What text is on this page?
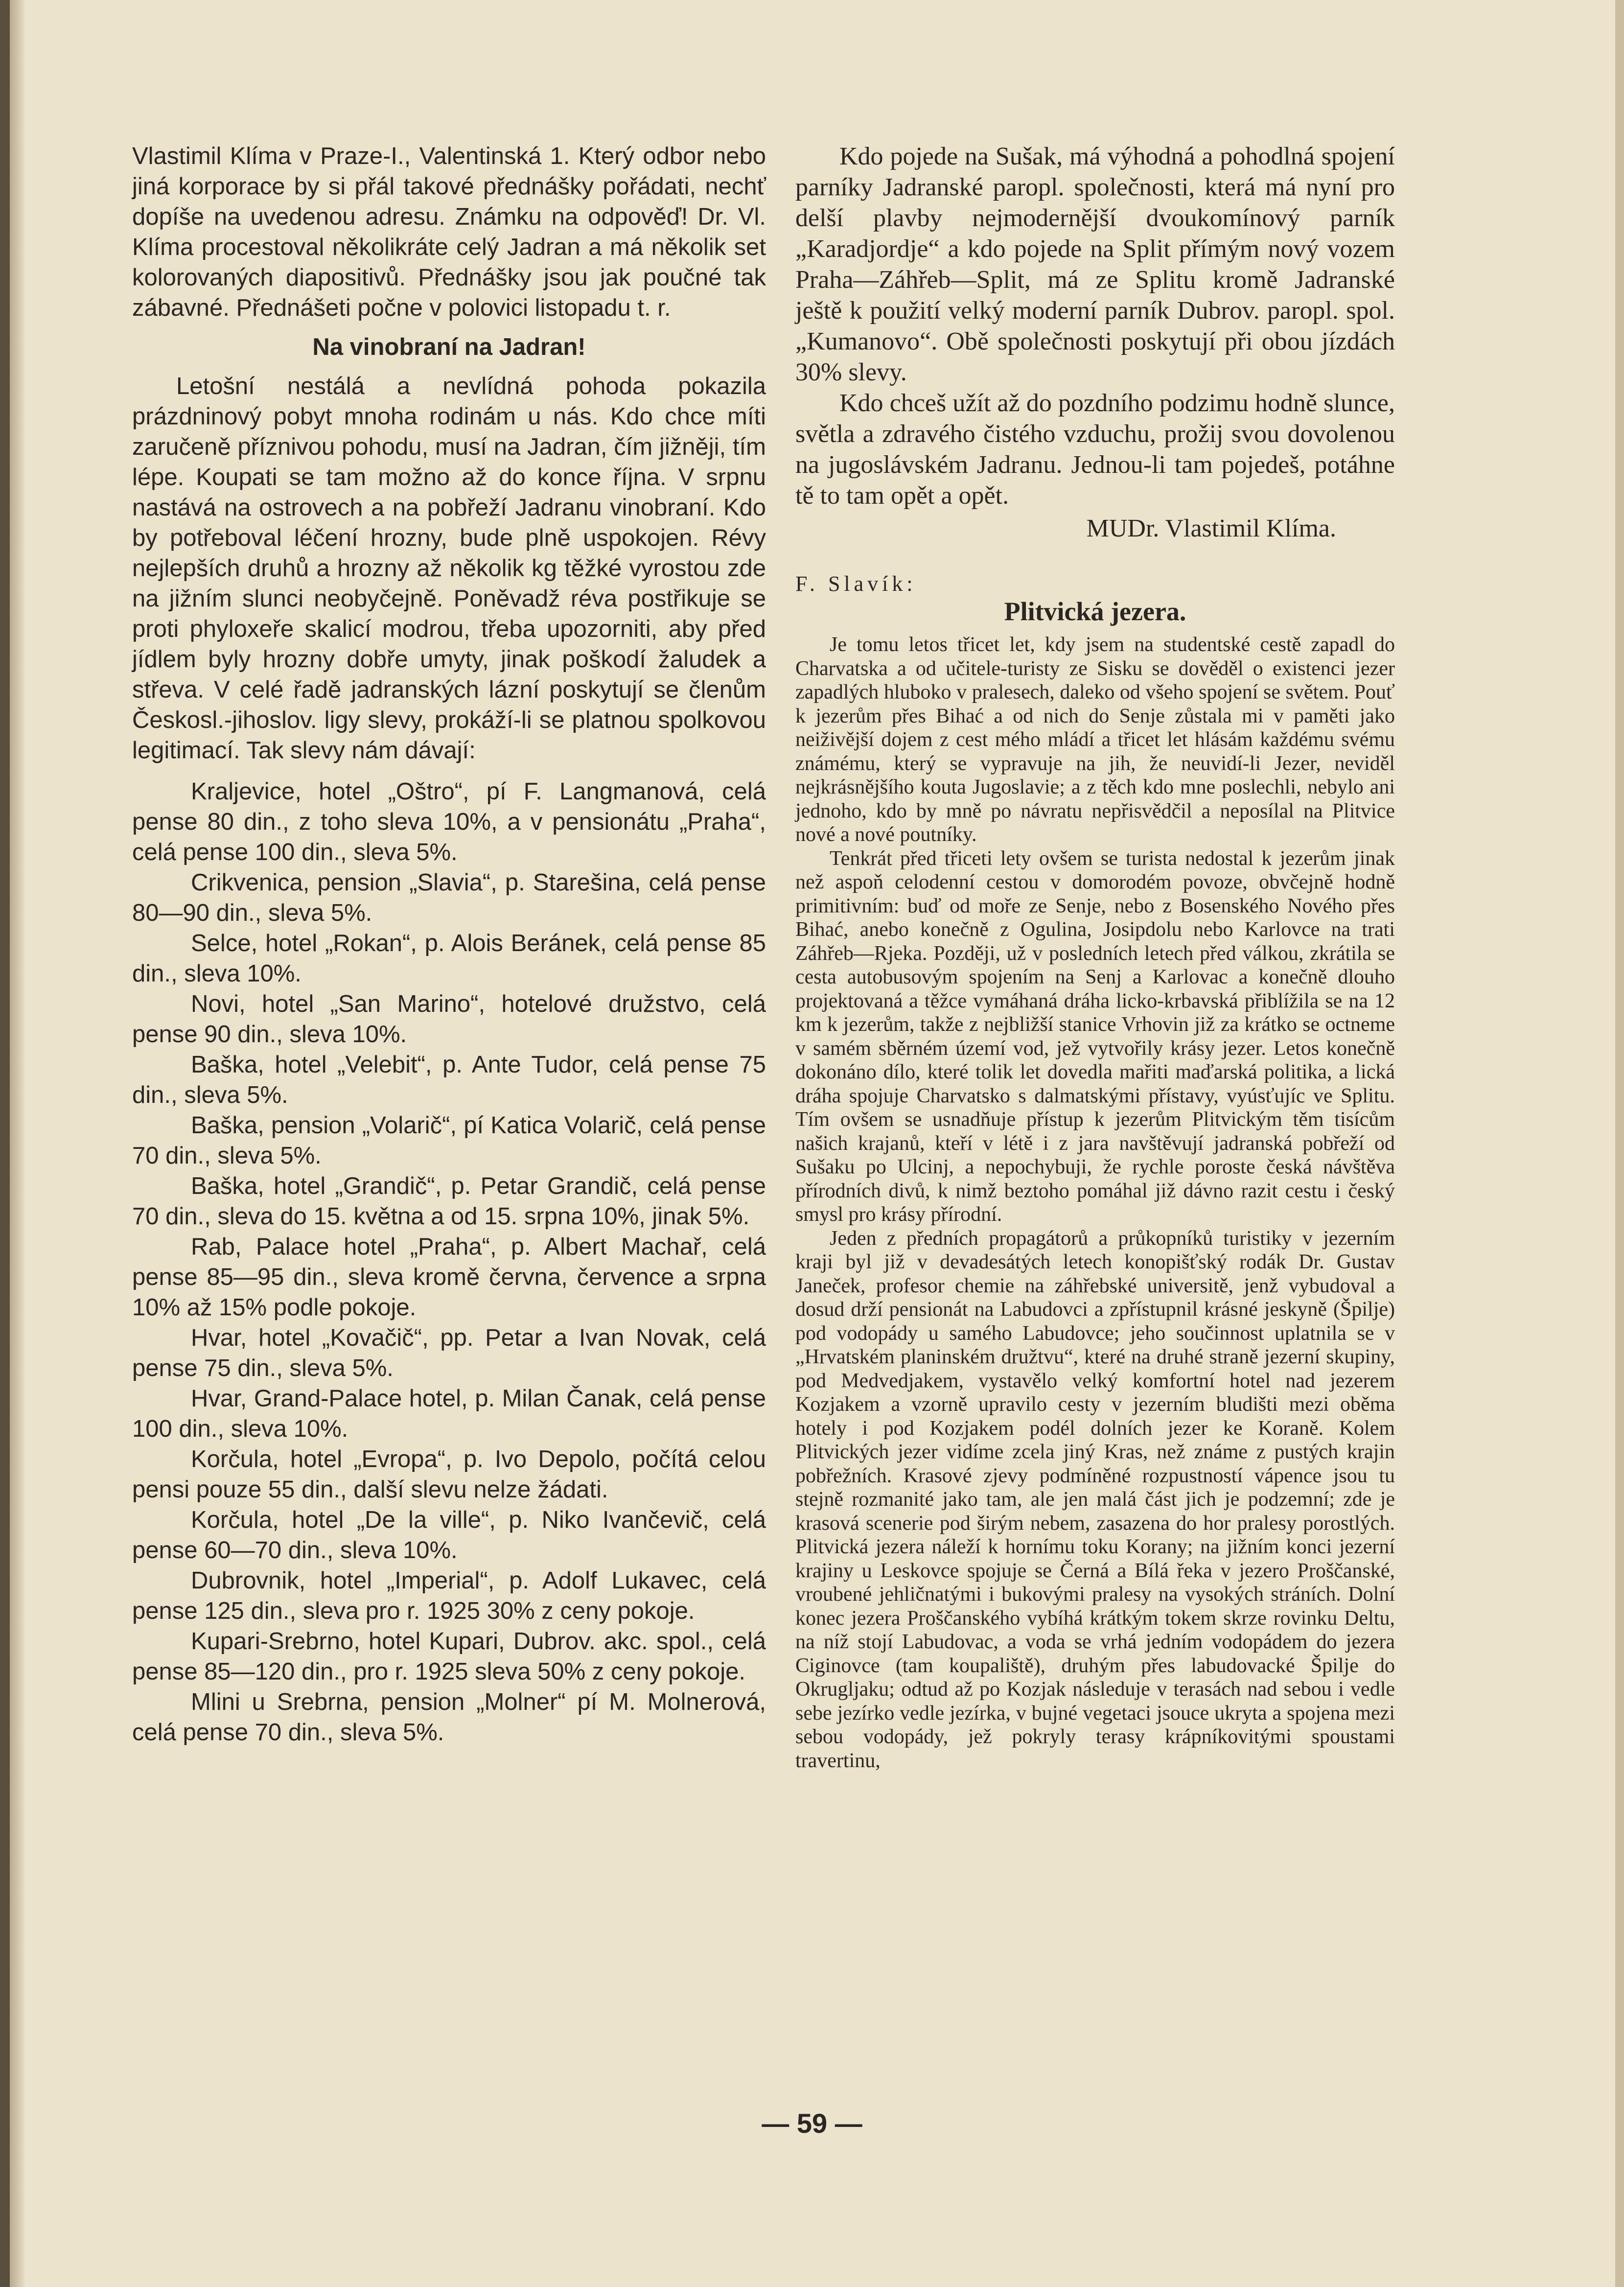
Vlastimil Klíma v Praze-I., Valentinská 1. Který odbor nebo jiná korporace by si přál takové přednášky pořádati, nechť dopíše na uvedenou adresu. Známku na odpověď! Dr. Vl. Klíma procestoval několikráte celý Jadran a má několik set kolorovaných diapositivů. Přednášky jsou jak poučné tak zábavné. Přednášeti počne v polovici listopadu t. r.

Na vinobraní na Jadran!

Letošní nestálá a nevlídná pohoda pokazila prázdninový pobyt mnoha rodinám u nás. Kdo chce míti zaručeně příznivou pohodu, musí na Jadran, čím jižněji, tím lépe. Koupati se tam možno až do konce října. V srpnu nastává na ostrovech a na pobřeží Jadranu vinobraní. Kdo by potřeboval léčení hrozny, bude plně uspokojen. Révy nejlepších druhů a hrozny až několik kg těžké vyrostou zde na jižním slunci neobyčejně. Poněvadž réva postřikuje se proti phyloxeře skalicí modrou, třeba upozorniti, aby před jídlem byly hrozny dobře umyty, jinak poškodí žaludek a střeva. V celé řadě jadranských lázní poskytují se členům Českosl.-jihoslov. ligy slevy, prokáží-li se platnou spolkovou legitimací. Tak slevy nám dávají:

Kraljevice, hotel „Oštro“, pí F. Langmanová, celá pense 80 din., z toho sleva 10%, a v pensionátu „Praha“, celá pense 100 din., sleva 5%.

Crikvenica, pension „Slavia“, p. Starešina, celá pense 80—90 din., sleva 5%.

Selce, hotel „Rokan“, p. Alois Beránek, celá pense 85 din., sleva 10%.

Novi, hotel „San Marino“, hotelové družstvo, celá pense 90 din., sleva 10%.

Baška, hotel „Velebit“, p. Ante Tudor, celá pense 75 din., sleva 5%.

Baška, pension „Volarič“, pí Katica Volarič, celá pense 70 din., sleva 5%.

Baška, hotel „Grandič“, p. Petar Grandič, celá pense 70 din., sleva do 15. května a od 15. srpna 10%, jinak 5%.

Rab, Palace hotel „Praha“, p. Albert Machař, celá pense 85—95 din., sleva kromě června, července a srpna 10% až 15% podle pokoje.

Hvar, hotel „Kovačič“, pp. Petar a Ivan Novak, celá pense 75 din., sleva 5%.

Hvar, Grand-Palace hotel, p. Milan Čanak, celá pense 100 din., sleva 10%.

Korčula, hotel „Evropa“, p. Ivo Depolo, počítá celou pensi pouze 55 din., další slevu nelze žádati.

Korčula, hotel „De la ville“, p. Niko Ivančevič, celá pense 60—70 din., sleva 10%.

Dubrovnik, hotel „Imperial“, p. Adolf Lukavec, celá pense 125 din., sleva pro r. 1925 30% z ceny pokoje.

Kupari-Srebrno, hotel Kupari, Dubrov. akc. spol., celá pense 85—120 din., pro r. 1925 sleva 50% z ceny pokoje.

Mlini u Srebrna, pension „Molner“ pí M. Molnerová, celá pense 70 din., sleva 5%.

Kdo pojede na Sušak, má výhodná a pohodlná spojení parníky Jadranské paropl. společnosti, která má nyní pro delší plavby nejmodernější dvoukomínový parník „Karadjordje“ a kdo pojede na Split přímým nový vozem Praha—Záhřeb—Split, má ze Splitu kromě Jadranské ještě k použití velký moderní parník Dubrov. paropl. spol. „Kumanovo“. Obě společnosti poskytují při obou jízdách 30% slevy.

Kdo chceš užít až do pozdního podzimu hodně slunce, světla a zdravého čistého vzduchu, prožij svou dovolenou na jugoslávském Jadranu. Jednou-li tam pojedeš, potáhne tě to tam opět a opět.

MUDr. Vlastimil Klíma.

F. Slavík:

Plitvická jezera.

Je tomu letos třicet let, kdy jsem na studentské cestě zapadl do Charvatska a od učitele-turisty ze Sisku se dověděl o existenci jezer zapadlých hluboko v pralesech, daleko od všeho spojení se světem. Pouť k jezerům přes Bihać a od nich do Senje zůstala mi v paměti jako neiživější dojem z cest mého mládí a třicet let hlásám každému svému známému, který se vypravuje na jih, že neuvidí-li Jezer, neviděl nejkrásnějšího kouta Jugoslavie; a z těch kdo mne poslechli, nebylo ani jednoho, kdo by mně po návratu nepřisvědčil a neposílal na Plitvice nové a nové poutníky.

Tenkrát před třiceti lety ovšem se turista nedostal k jezerům jinak než aspoň celodenní cestou v domorodém povoze, obvčejně hodně primitivním: buď od moře ze Senje, nebo z Bosenského Nového přes Bihać, anebo konečně z Ogulina, Josipdolu nebo Karlovce na trati Záhřeb—Rjeka. Později, už v posledních letech před válkou, zkrátila se cesta autobusovým spojením na Senj a Karlovac a konečně dlouho projektovaná a těžce vymáhaná dráha licko-krbavská přiblížila se na 12 km k jezerům, takže z nejbližší stanice Vrhovin již za krátko se octneme v samém sběrném území vod, jež vytvořily krásy jezer. Letos konečně dokonáno dílo, které tolik let dovedla mařiti maďarská politika, a lická dráha spojuje Charvatsko s dalmatskými přístavy, vyúsťujíc ve Splitu. Tím ovšem se usnadňuje přístup k jezerům Plitvickým těm tisícům našich krajanů, kteří v létě i z jara navštěvují jadranská pobřeží od Sušaku po Ulcinj, a nepochybuji, že rychle poroste česká návštěva přírodních divů, k nimž beztoho pomáhal již dávno razit cestu i český smysl pro krásy přírodní.

Jeden z předních propagátorů a průkopníků turistiky v jezerním kraji byl již v devadesátých letech konopišťský rodák Dr. Gustav Janeček, profesor chemie na záhřebské universitě, jenž vybudoval a dosud drží pensionát na Labudovci a zpřístupnil krásné jeskyně (Špilje) pod vodopády u samého Labudovce; jeho součinnost uplatnila se v „Hrvatském planinském družtvu“, které na druhé straně jezerní skupiny, pod Medvedjakem, vystavělo velký komfortní hotel nad jezerem Kozjakem a vzorně upravilo cesty v jezerním bludišti mezi oběma hotely i pod Kozjakem podél dolních jezer ke Koraně. Kolem Plitvických jezer vidíme zcela jiný Kras, než známe z pustých krajin pobřežních. Krasové zjevy podmíněné rozpustností vápence jsou tu stejně rozmanité jako tam, ale jen malá část jich je podzemní; zde je krasová scenerie pod širým nebem, zasazena do hor pralesy porostlých. Plitvická jezera náleží k hornímu toku Korany; na jižním konci jezerní krajiny u Leskovce spojuje se Černá a Bílá řeka v jezero Proščanské, vroubené jehličnatými i bukovými pralesy na vysokých stráních. Dolní konec jezera Proščanského vybíhá krátkým tokem skrze rovinku Deltu, na níž stojí Labudovac, a voda se vrhá jedním vodopádem do jezera Ciginovce (tam koupaliště), druhým přes labudovacké Špilje do Okrugljaku; odtud až po Kozjak následuje v terasách nad sebou i vedle sebe jezírko vedle jezírka, v bujné vegetaci jsouce ukryta a spojena mezi sebou vodopády, jež pokryly terasy krápníkovitými spoustami travertinu,

— 59 —
